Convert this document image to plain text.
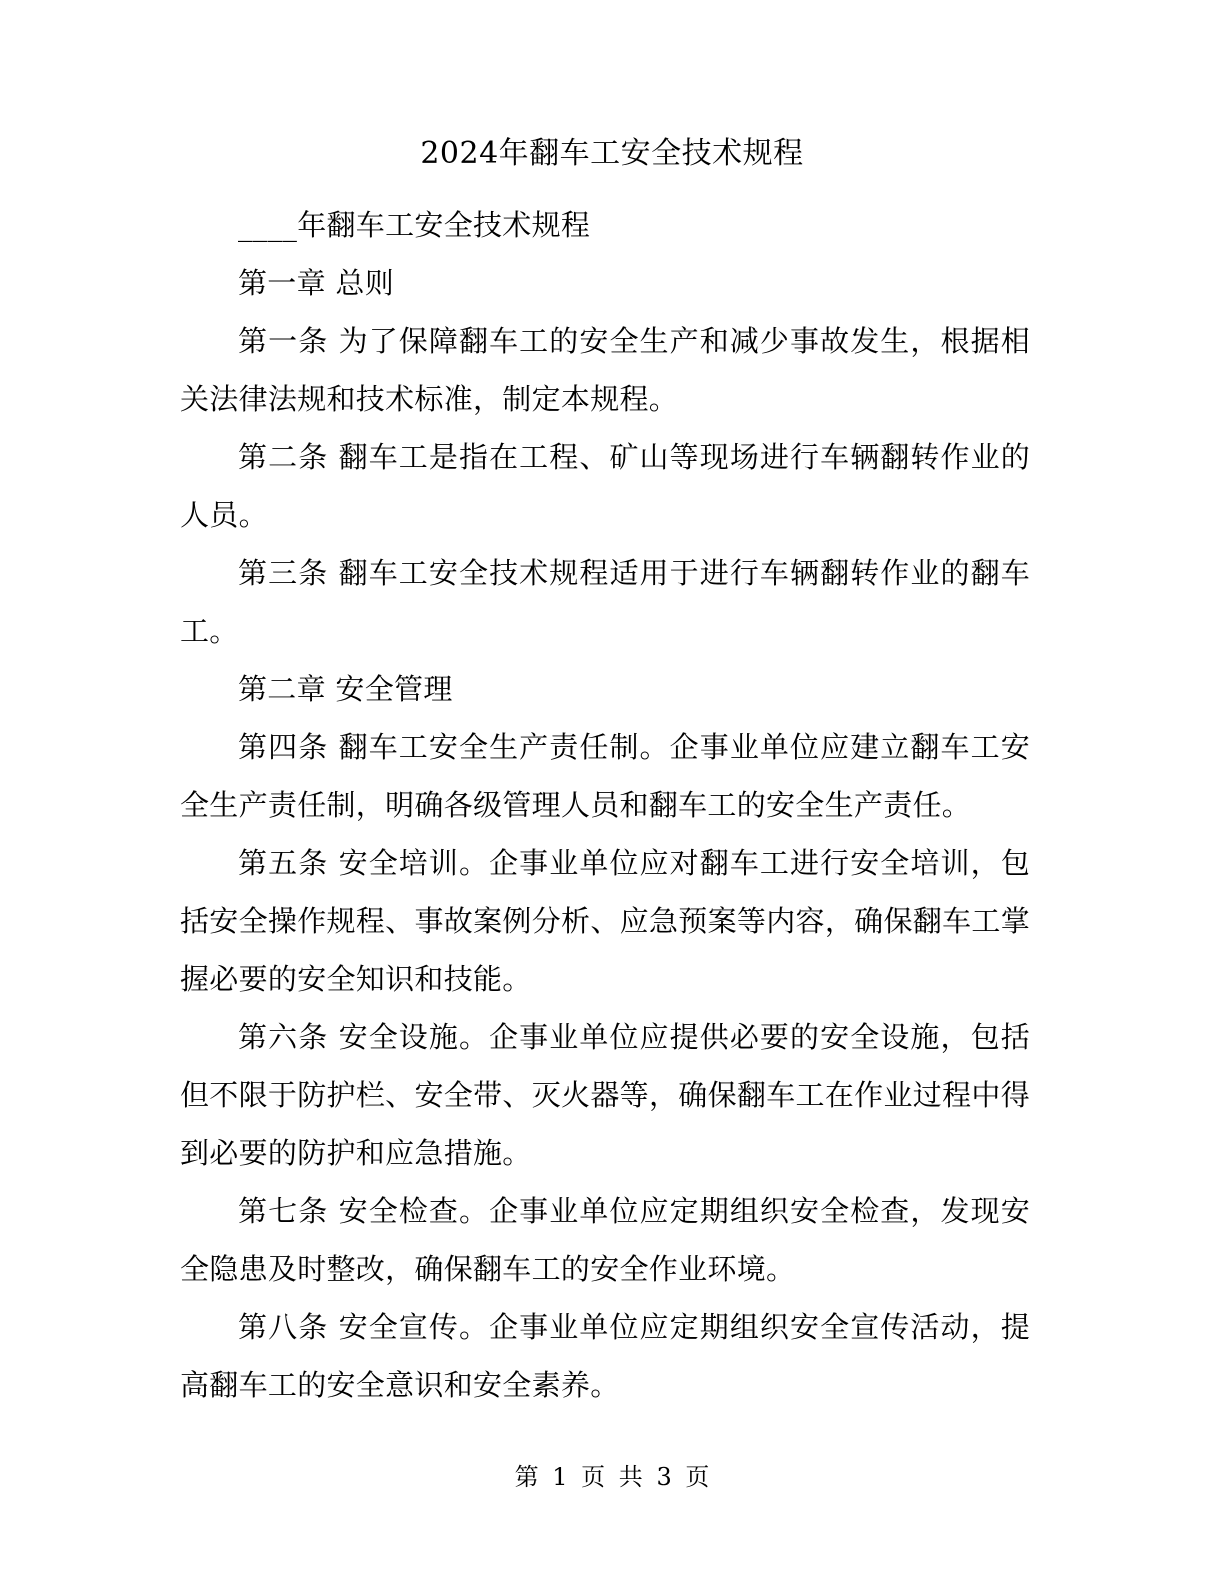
2024年翻车工安全技术规程

____年翻车工安全技术规程

第一章 总则

第一条 为了保障翻车工的安全生产和减少事故发生，根据相关法律法规和技术标准，制定本规程。

第二条 翻车工是指在工程、矿山等现场进行车辆翻转作业的人员。

第三条 翻车工安全技术规程适用于进行车辆翻转作业的翻车工。

第二章 安全管理

第四条 翻车工安全生产责任制。企事业单位应建立翻车工安全生产责任制，明确各级管理人员和翻车工的安全生产责任。

第五条 安全培训。企事业单位应对翻车工进行安全培训，包括安全操作规程、事故案例分析、应急预案等内容，确保翻车工掌握必要的安全知识和技能。

第六条 安全设施。企事业单位应提供必要的安全设施，包括但不限于防护栏、安全带、灭火器等，确保翻车工在作业过程中得到必要的防护和应急措施。

第七条 安全检查。企事业单位应定期组织安全检查，发现安全隐患及时整改，确保翻车工的安全作业环境。

第八条 安全宣传。企事业单位应定期组织安全宣传活动，提高翻车工的安全意识和安全素养。

第 1 页 共 3 页
